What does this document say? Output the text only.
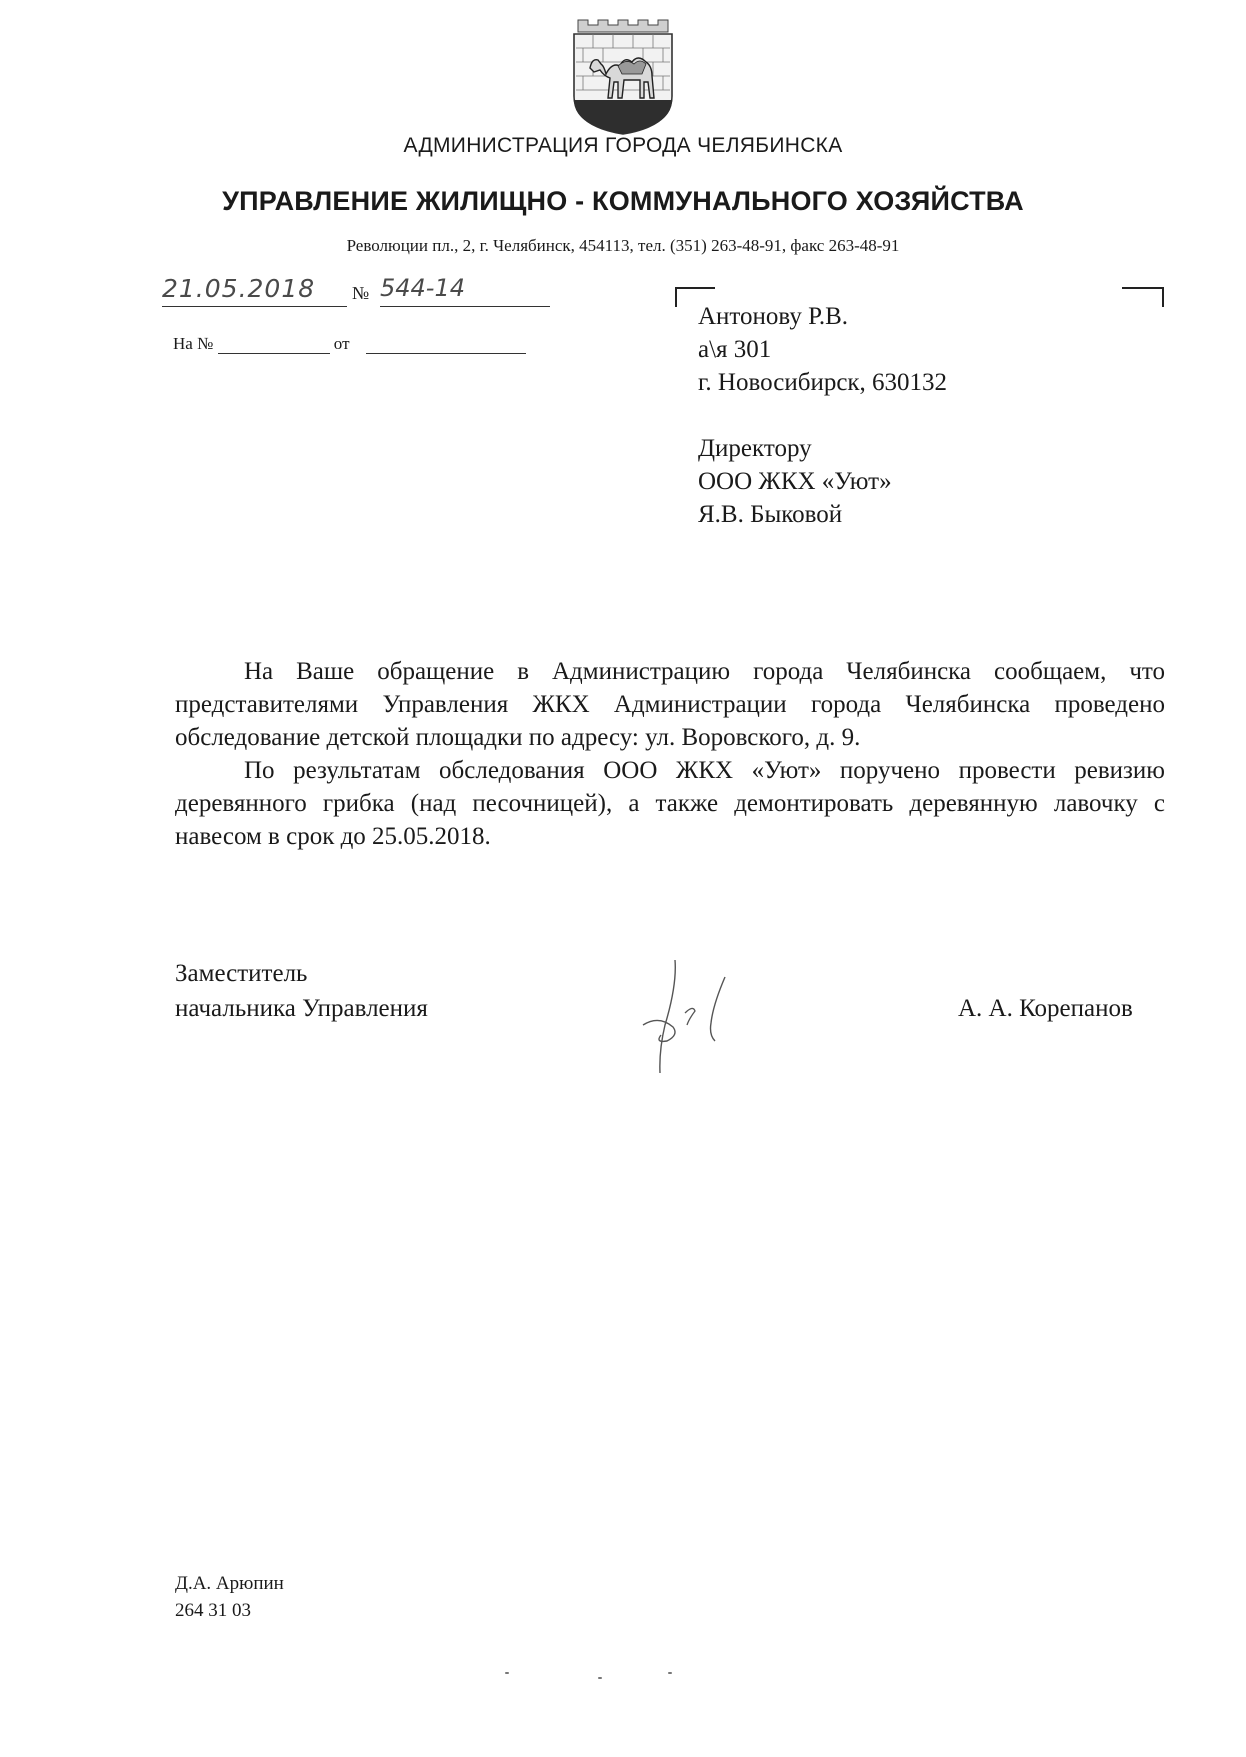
АДМИНИСТРАЦИЯ ГОРОДА ЧЕЛЯБИНСКА
УПРАВЛЕНИЕ ЖИЛИЩНО - КОММУНАЛЬНОГО ХОЗЯЙСТВА
Революции пл., 2, г. Челябинск, 454113, тел. (351) 263-48-91, факс 263-48-91
21.05.2018	№ 544-14
На №	от
Антонову Р.В.
а\я 301
г. Новосибирск, 630132
Директору
ООО ЖКХ «Уют»
Я.В. Быковой

На Ваше обращение в Администрацию города Челябинска сообщаем, что представителями Управления ЖКХ Администрации города Челябинска проведено обследование детской площадки по адресу: ул. Воровского, д. 9.

По результатам обследования ООО ЖКХ «Уют» поручено провести ревизию деревянного грибка (над песочницей), а также демонтировать деревянную лавочку с навесом в срок до 25.05.2018.

Заместитель
начальника Управления	А. А. Корепанов
Д.А. Арюпин
264 31 03
